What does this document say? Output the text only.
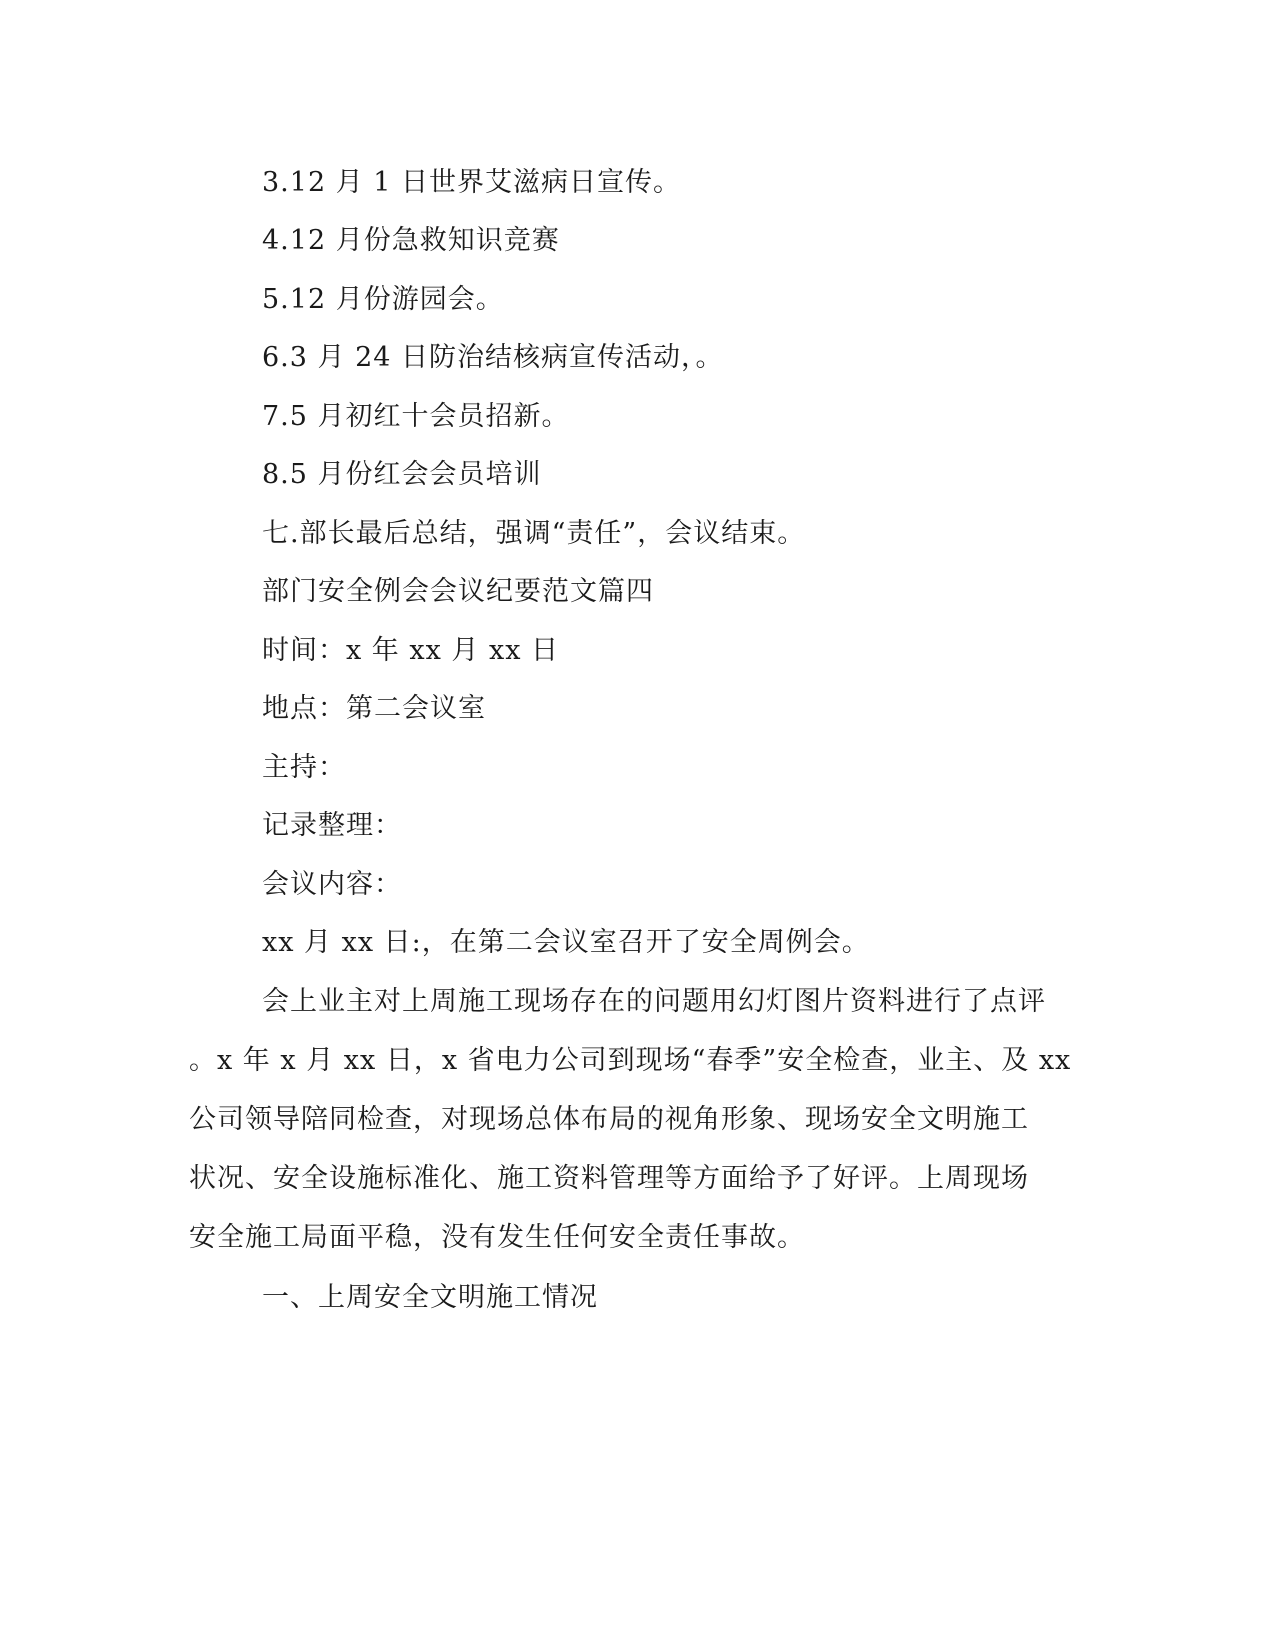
3.12 月 1 日世界艾滋病日宣传。
4.12 月份急救知识竞赛
5.12 月份游园会。
6.3 月 24 日防治结核病宣传活动，。
7.5 月初红十会员招新。
8.5 月份红会会员培训
七.部长最后总结，强调“责任”，会议结束。
部门安全例会会议纪要范文篇四
时间：x 年 xx 月 xx 日
地点：第二会议室
主持：
记录整理：
会议内容：
xx 月 xx 日:，在第二会议室召开了安全周例会。
会上业主对上周施工现场存在的问题用幻灯图片资料进行了点评
。x 年 x 月 xx 日，x 省电力公司到现场“春季”安全检查，业主、及 xx
公司领导陪同检查，对现场总体布局的视角形象、现场安全文明施工
状况、安全设施标准化、施工资料管理等方面给予了好评。上周现场
安全施工局面平稳，没有发生任何安全责任事故。
一、上周安全文明施工情况
